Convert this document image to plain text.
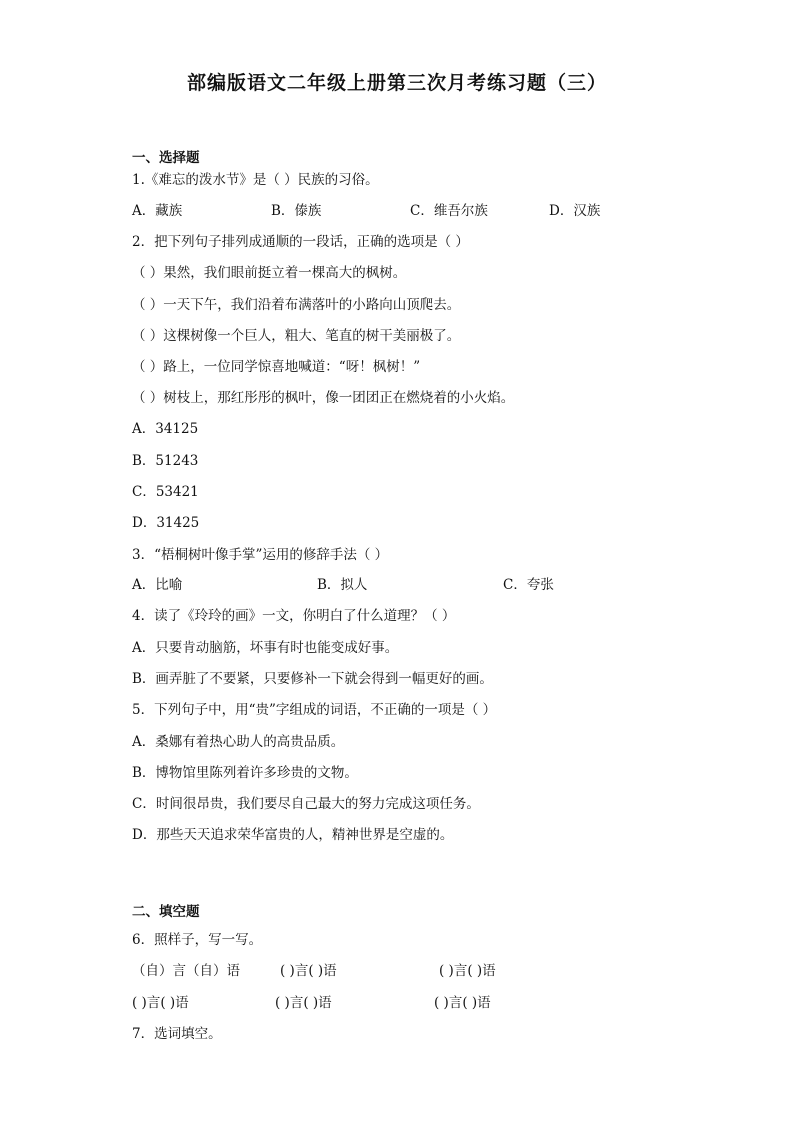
部编版语文二年级上册第三次月考练习题（三）
一、选择题
1.《难忘的泼水节》是（ ）民族的习俗。
A．藏族	B．傣族	C．维吾尔族	D．汉族
2．把下列句子排列成通顺的一段话，正确的选项是（ ）
（ ）果然，我们眼前挺立着一棵高大的枫树。
（ ）一天下午，我们沿着布满落叶的小路向山顶爬去。
（ ）这棵树像一个巨人，粗大、笔直的树干美丽极了。
（ ）路上，一位同学惊喜地喊道：“呀！枫树！”
（ ）树枝上，那红彤彤的枫叶，像一团团正在燃烧着的小火焰。
A．34125
B．51243
C．53421
D．31425
3．“梧桐树叶像手掌”运用的修辞手法（ ）
A．比喻	B．拟人	C．夸张
4．读了《玲玲的画》一文，你明白了什么道理？（ ）
A．只要肯动脑筋，坏事有时也能变成好事。
B．画弄脏了不要紧，只要修补一下就会得到一幅更好的画。
5．下列句子中，用“贵”字组成的词语，不正确的一项是（ ）
A．桑娜有着热心助人的高贵品质。
B．博物馆里陈列着许多珍贵的文物。
C．时间很昂贵，我们要尽自己最大的努力完成这项任务。
D．那些天天追求荣华富贵的人，精神世界是空虚的。
二、填空题
6．照样子，写一写。
（自）言（自）语	( )言( )语	( )言( )语
( )言( )语	( )言( )语	( )言( )语
7．选词填空。
